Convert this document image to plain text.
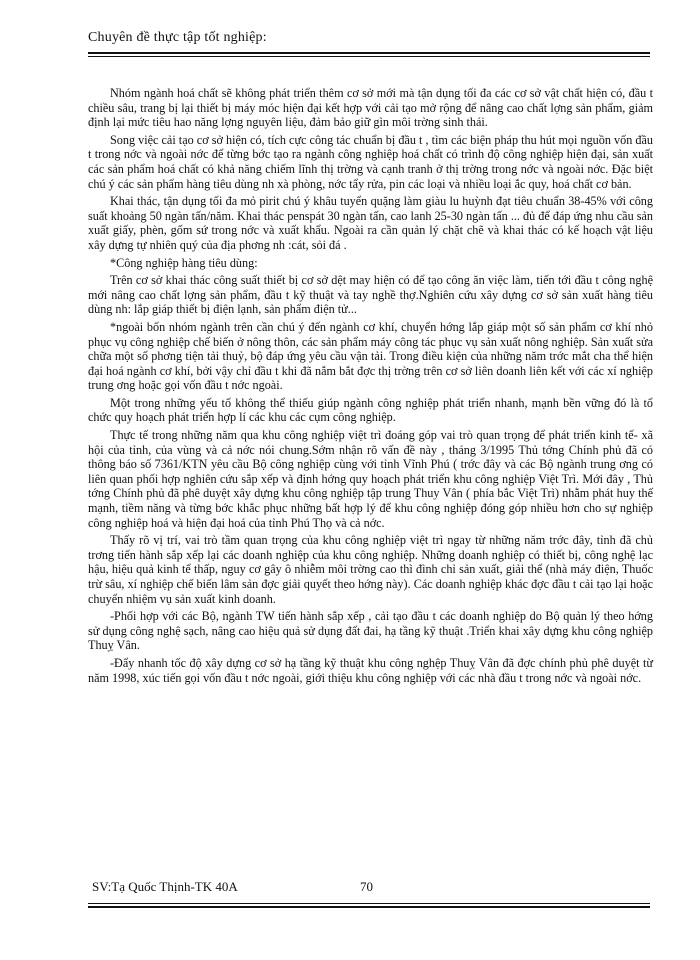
Chuyên đề thực tập tốt nghiệp:

Nhóm ngành hoá chất sẽ không phát triển thêm cơ sở mới mà tận dụng tối đa các cơ sở vật chất hiện có, đầu t chiều sâu, trang bị lại thiết bị máy móc hiện đại kết hợp với cải tạo mở rộng để nâng cao chất lợng sản phẩm, giảm định lại mức tiêu hao năng lợng nguyên liệu, đảm bảo giữ gìn môi trờng sinh thái.

Song việc cải tạo cơ sở hiện có, tích cực công tác chuẩn bị đầu t , tìm các biện pháp thu hút mọi nguồn vốn đầu t trong nớc và ngoài nớc để từng bớc tạo ra ngành công nghiệp hoá chất có trình độ công nghiệp hiện đại, sản xuất các sản phẩm hoá chất có khả năng chiếm lĩnh thị trờng và cạnh tranh ở thị trờng trong nớc và ngoài nớc. Đặc biệt chú ý các sản phẩm hàng tiêu dùng nh xà phòng, nớc tẩy rửa, pin các loại và nhiều loại ắc quy, hoá chất cơ bản.

Khai thác, tận dụng tối đa mỏ pirit chú ý khâu tuyển quặng làm giàu lu huỳnh đạt tiêu chuẩn 38-45% với công suất khoảng 50 ngàn tấn/năm. Khai thác penspát 30 ngàn tấn, cao lanh 25-30 ngàn tấn ... đủ để đáp ứng nhu cầu sản xuất giấy, phèn, gốm sứ trong nớc và xuất khẩu. Ngoài ra cần quản lý chặt chẽ và khai thác có kế hoạch vật liệu xây dựng tự nhiên quý của địa phơng nh :cát, sỏi đá .

*Công nghiệp hàng tiêu dùng:

Trên cơ sở khai thác công suất thiết bị cơ sở dệt may hiện có để tạo công ăn việc làm, tiến tới đầu t công nghệ mới nâng cao chất lợng sản phẩm, đầu t kỹ thuật và tay nghề thợ.Nghiên cứu xây dựng cơ sở sản xuất hàng tiêu dùng nh: lắp giáp thiết bị điện lạnh, sản phẩm điện tử...

*ngoài bốn nhóm ngành trên cần chú ý đến ngành cơ khí, chuyển hớng lắp giáp một số sản phẩm cơ khí nhỏ phục vụ công nghiệp chế biến ở nông thôn, các sản phẩm máy công tác phục vụ sản xuất nông nghiệp. Sản xuất sửa chữa một số phơng tiện tải thuỷ, bộ đáp ứng yêu cầu vận tải. Trong điều kiện của những năm trớc mắt cha thể hiện đại hoá ngành cơ khí, bởi vậy chỉ đầu t khi đã nắm bắt đợc thị trờng trên cơ sở liên doanh liên kết với các xí nghiệp trung ơng hoặc gọi vốn đầu t nớc ngoài.

Một trong những yếu tố không thể thiếu giúp ngành công nghiệp phát triển nhanh, mạnh bền vững đó là tổ chức quy hoạch phát triển hợp lí các khu các cụm công nghiệp.

Thực tế trong những năm qua khu công nghiệp việt trì đoáng góp vai trò quan trọng để phát triển kinh tế- xã hội của tỉnh, của vùng và cả nớc nói chung.Sớm nhận rõ vấn đề này , tháng 3/1995 Thủ tớng Chính phủ đã có thông báo số 7361/KTN yêu cầu Bộ công nghiệp cùng với tỉnh Vĩnh Phú ( trớc đây và các Bộ ngành trung ơng có liên quan phối hợp nghiên cứu sắp xếp và định hớng quy hoạch phát triển khu công nghiệp Việt Trì. Mới đây , Thủ tớng Chính phủ đã phê duyệt xây dựng khu công nghiệp tập trung Thuy Vân ( phía bắc Việt Trì) nhằm phát huy thế mạnh, tiềm năng và từng bớc khắc phục những bất hợp lý để khu công nghiệp đóng góp nhiều hơn cho sự nghiệp công nghiệp hoá và hiện đại hoá của tỉnh Phú Thọ và cả nớc.

Thấy rõ vị trí, vai trò tầm quan trọng của khu công nghiệp việt trì ngay từ những năm trớc đây, tỉnh đã chủ trơng tiến hành sắp xếp lại các doanh nghiệp của khu công nghiệp. Những doanh nghiệp có thiết bị, công nghệ lạc hậu, hiệu quả kinh tế thấp, nguy cơ gây ô nhiễm môi trờng cao thì đình chỉ sản xuất, giải thể (nhà máy điện, Thuốc trừ sâu, xí nghiệp chế biến lâm sản đợc giải quyết theo hớng này). Các doanh nghiệp khác đợc đầu t cải tạo lại hoặc chuyển nhiệm vụ sản xuất kinh doanh.

-Phối hợp với các Bộ, ngành TW tiến hành sắp xếp , cải tạo đầu t các doanh nghiệp do Bộ quản lý theo hớng sử dụng công nghệ sạch, nâng cao hiệu quả sử dụng đất đai, hạ tầng kỹ thuật .Triển khai xây dựng khu công nghiệp Thuỵ Vân.

-Đẩy nhanh tốc độ xây dựng cơ sở hạ tầng kỹ thuật khu công nghệp Thuỵ Vân đã đợc chính phủ phê duyệt từ năm 1998, xúc tiến gọi vốn đầu t nớc ngoài, giới thiệu khu công nghiệp với các nhà đầu t trong nớc và ngoài nớc.

SV:Tạ Quốc Thịnh-TK 40A	70
